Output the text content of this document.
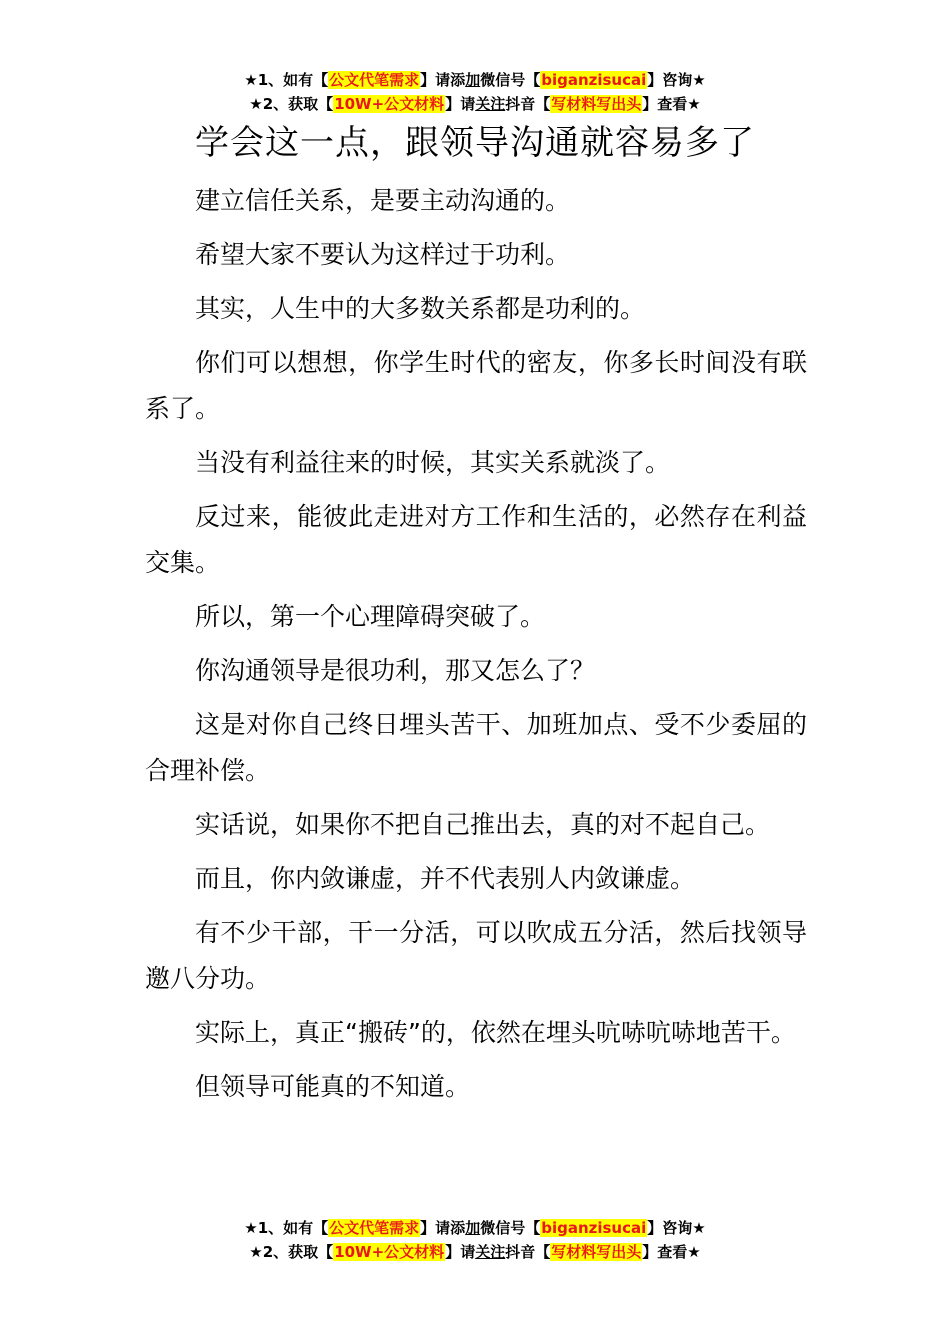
★1、如有【公文代笔需求】请添加微信号【biganzisucai】咨询★
★2、获取【10W+公文材料】请关注抖音【写材料写出头】查看★
学会这一点，跟领导沟通就容易多了

建立信任关系，是要主动沟通的。

希望大家不要认为这样过于功利。

其实，人生中的大多数关系都是功利的。

你们可以想想，你学生时代的密友，你多长时间没有联系了。

当没有利益往来的时候，其实关系就淡了。

反过来，能彼此走进对方工作和生活的，必然存在利益交集。

所以，第一个心理障碍突破了。

你沟通领导是很功利，那又怎么了？

这是对你自己终日埋头苦干、加班加点、受不少委屈的合理补偿。

实话说，如果你不把自己推出去，真的对不起自己。

而且，你内敛谦虚，并不代表别人内敛谦虚。

有不少干部，干一分活，可以吹成五分活，然后找领导邀八分功。

实际上，真正“搬砖”的，依然在埋头吭哧吭哧地苦干。

但领导可能真的不知道。

★1、如有【公文代笔需求】请添加微信号【biganzisucai】咨询★
★2、获取【10W+公文材料】请关注抖音【写材料写出头】查看★
